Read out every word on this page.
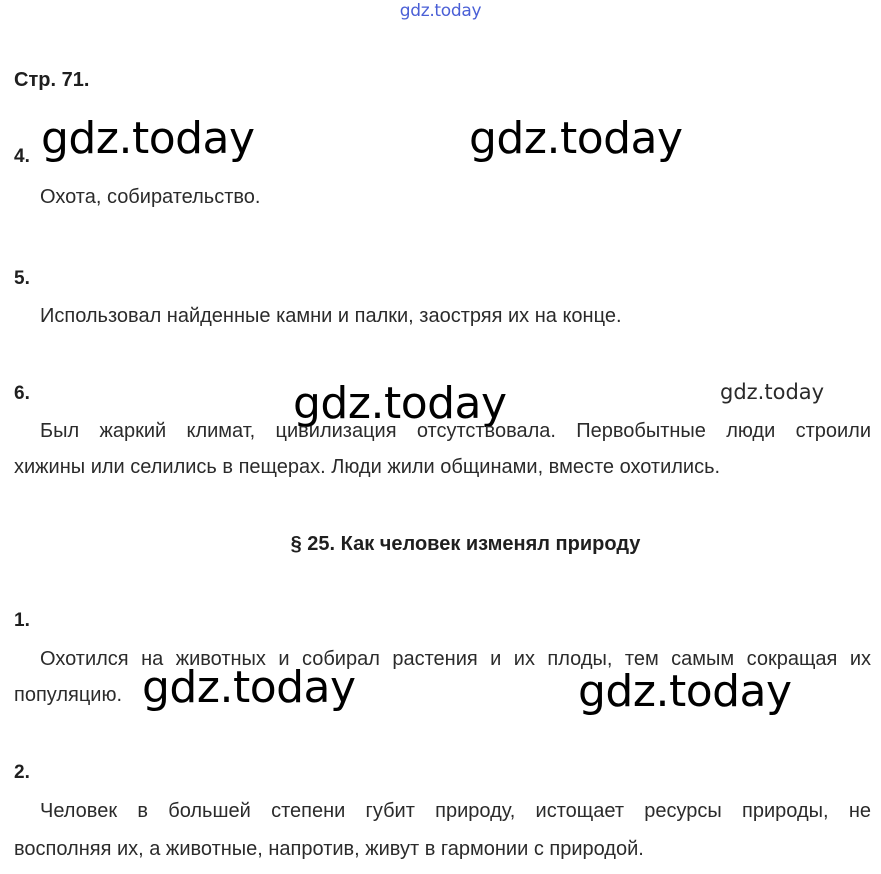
gdz.today
Стр. 71.
4. gdz.today	gdz.today
Охота, собирательство.
5.
Использовал найденные камни и палки, заостряя их на конце.
6.	gdz.today	gdz.today
Был жаркий климат, цивилизация отсутствовала. Первобытные люди строили
хижины или селились в пещерах. Люди жили общинами, вместе охотились.
§ 25. Как человек изменял природу
1.
Охотился на животных и собирал растения и их плоды, тем самым сокращая их
популяцию. gdz.today	gdz.today
2.
Человек в большей степени губит природу, истощает ресурсы природы, не
восполняя их, а животные, напротив, живут в гармонии с природой.
